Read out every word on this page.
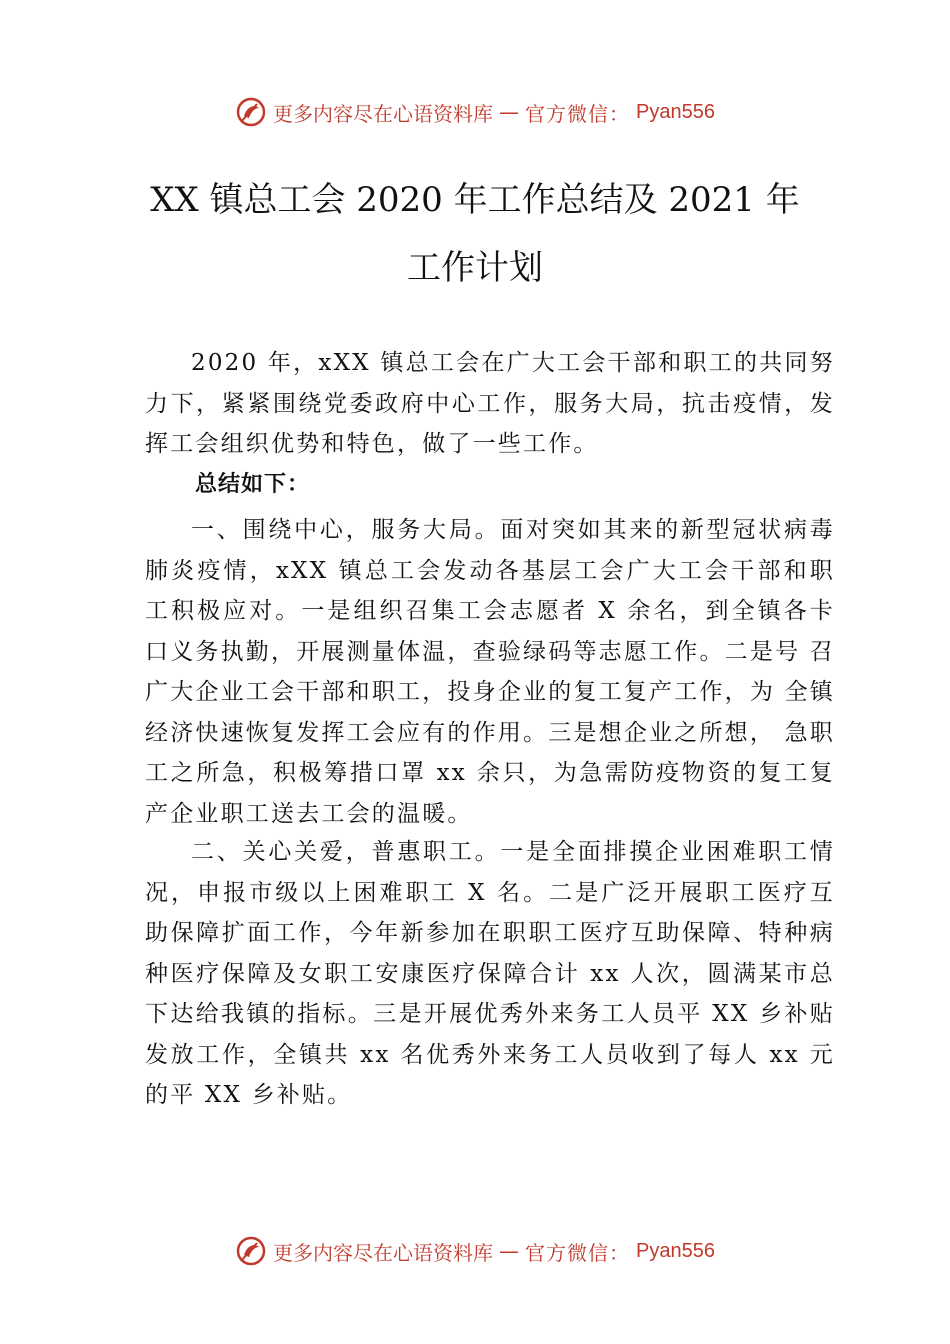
更多内容尽在心语资料库 — 官方微信： Pyan556
XX 镇总工会 2020 年工作总结及 2021 年
工作计划

2020 年，xXX 镇总工会在广大工会干部和职工的共同努力下，紧紧围绕党委政府中心工作，服务大局，抗击疫情，发挥工会组织优势和特色，做了一些工作。

总结如下：

一、围绕中心，服务大局。面对突如其来的新型冠状病毒肺炎疫情，xXX 镇总工会发动各基层工会广大工会干部和职工积极应对。一是组织召集工会志愿者 X 余名，到全镇各卡口义务执勤，开展测量体温，查验绿码等志愿工作。二是号 召广大企业工会干部和职工，投身企业的复工复产工作，为 全镇经济快速恢复发挥工会应有的作用。三是想企业之所想， 急职工之所急，积极筹措口罩 xx 余只，为急需防疫物资的复工复产企业职工送去工会的温暖。

二、关心关爱，普惠职工。一是全面排摸企业困难职工情况，申报市级以上困难职工 X 名。二是广泛开展职工医疗互助保障扩面工作，今年新参加在职职工医疗互助保障、特种病种医疗保障及女职工安康医疗保障合计 xx 人次，圆满某市总下达给我镇的指标。三是开展优秀外来务工人员平 XX 乡补贴发放工作，全镇共 xx 名优秀外来务工人员收到了每人 xx 元的平 XX 乡补贴。

更多内容尽在心语资料库 — 官方微信： Pyan556
